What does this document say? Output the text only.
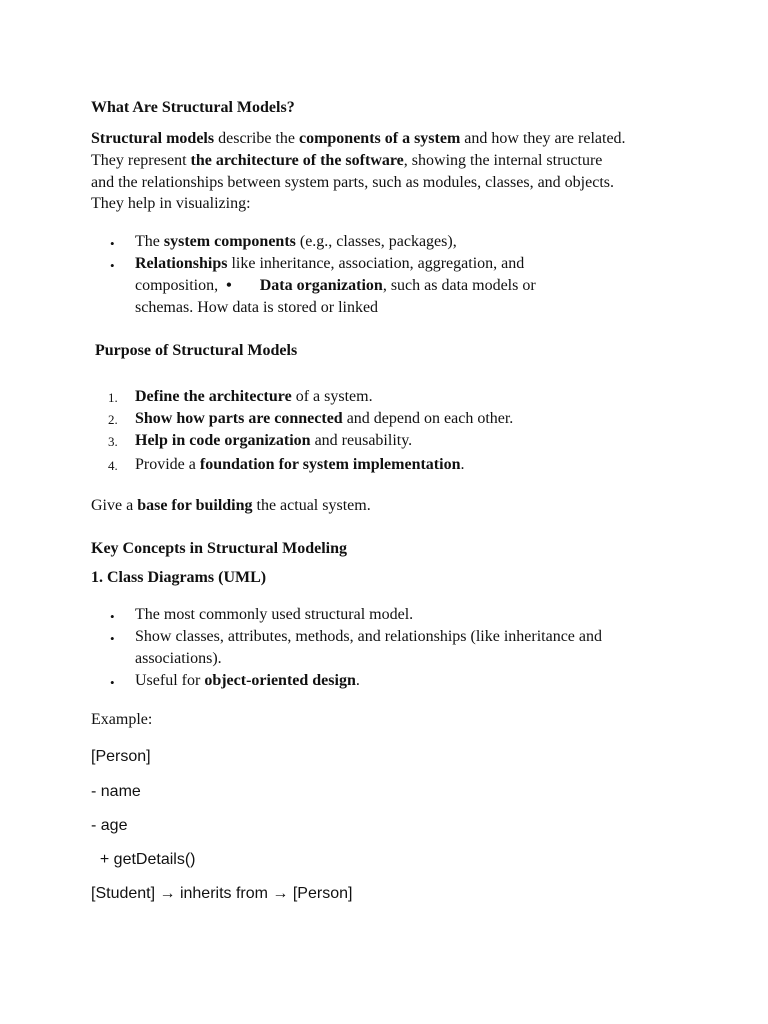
What Are Structural Models?
Structural models describe the components of a system and how they are related.
They represent the architecture of the software, showing the internal structure
and the relationships between system parts, such as modules, classes, and objects.
They help in visualizing:
•	The system components (e.g., classes, packages),
•	Relationships like inheritance, association, aggregation, and
composition, • Data organization, such as data models or
schemas. How data is stored or linked
Purpose of Structural Models
1.	Define the architecture of a system.
2.	Show how parts are connected and depend on each other.
3.	Help in code organization and reusability.
4.	Provide a foundation for system implementation.
Give a base for building the actual system.
Key Concepts in Structural Modeling
1. Class Diagrams (UML)
•	The most commonly used structural model.
•	Show classes, attributes, methods, and relationships (like inheritance and
associations).
•	Useful for object-oriented design.
Example:
[Person]
- name
- age
+ getDetails()
[Student] → inherits from → [Person]
